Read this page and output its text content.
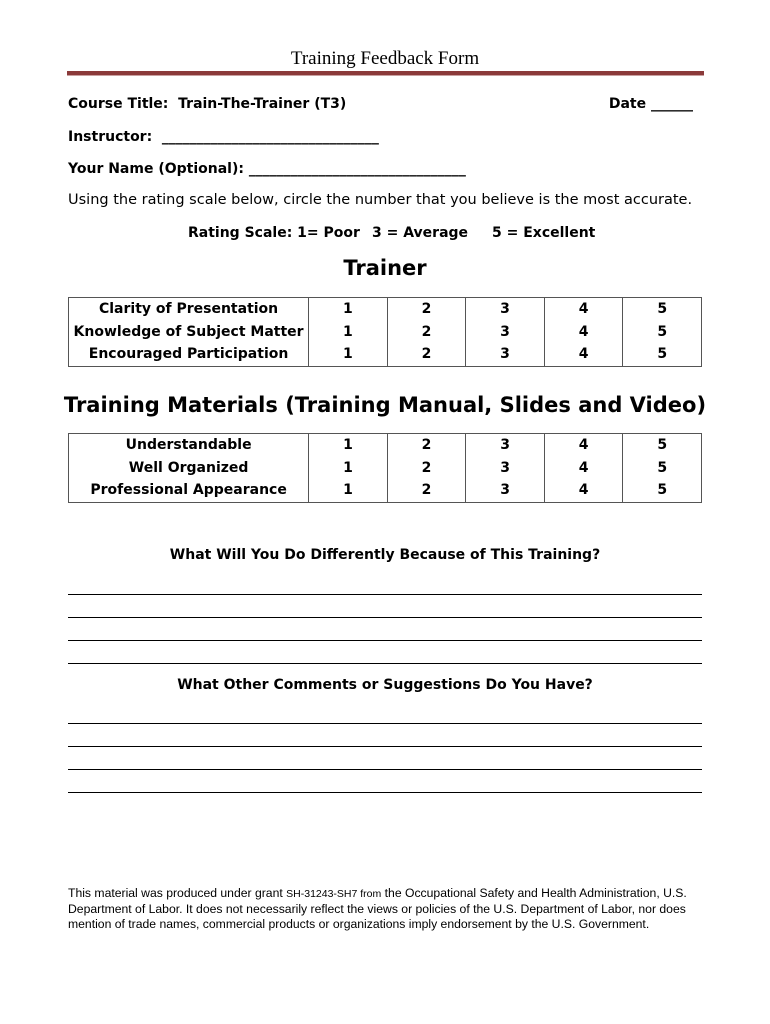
Training Feedback Form
Course Title:  Train-The-Trainer (T3)	Date ______
Instructor:  _______________________________
Your Name (Optional): _______________________________
Using the rating scale below, circle the number that you believe is the most accurate.
Rating Scale: 1= Poor 3 = Average 5 = Excellent
Trainer
Clarity of Presentation	1	2	3	4	5
Knowledge of Subject Matter	1	2	3	4	5
Encouraged Participation	1	2	3	4	5
Training Materials (Training Manual, Slides and Video)
Understandable	1	2	3	4	5
Well Organized	1	2	3	4	5
Professional Appearance	1	2	3	4	5
What Will You Do Differently Because of This Training?
What Other Comments or Suggestions Do You Have?
This material was produced under grant SH-31243-SH7 from the Occupational Safety and Health Administration, U.S. Department of Labor. It does not necessarily reflect the views or policies of the U.S. Department of Labor, nor does mention of trade names, commercial products or organizations imply endorsement by the U.S. Government.
